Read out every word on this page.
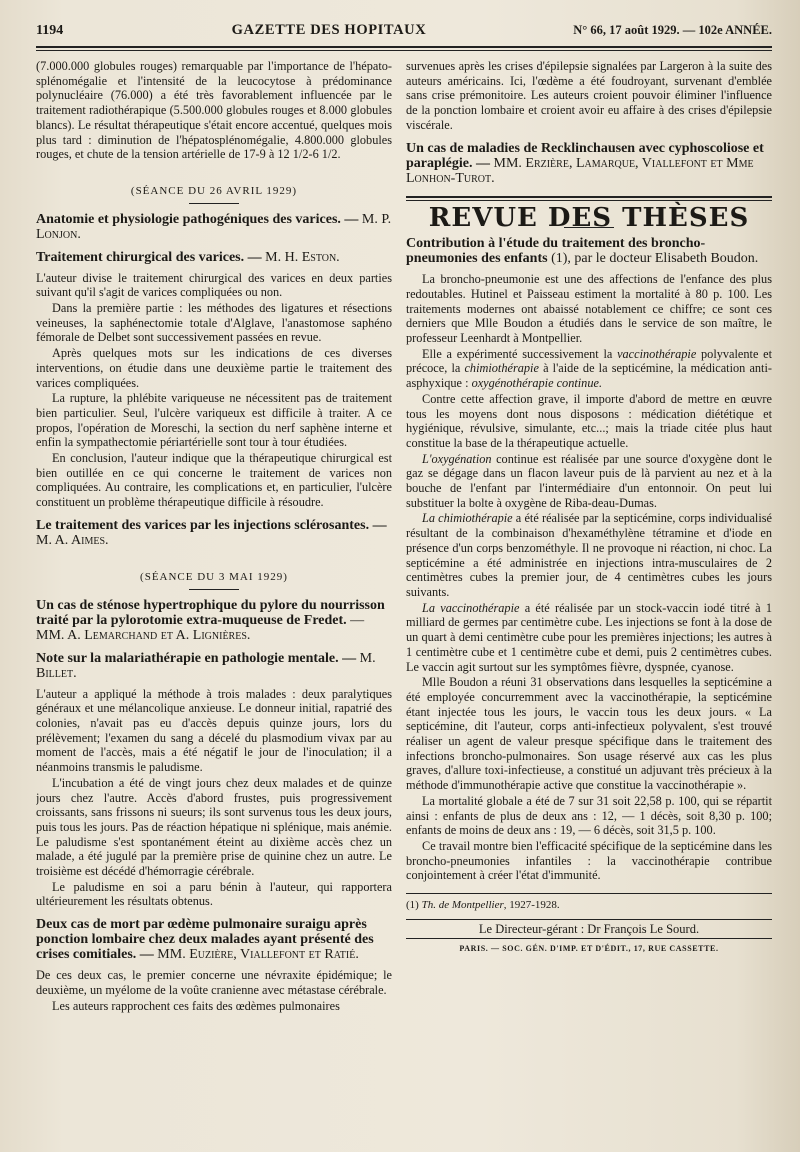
1194	GAZETTE DES HOPITAUX	N° 66, 17 août 1929. — 102e ANNÉE.

(7.000.000 globules rouges) remarquable par l'importance de l'hépato-splénomégalie et l'intensité de la leucocytose à prédominance polynucléaire (76.000) a été très favorablement influencée par le traitement radiothérapique (5.500.000 globules rouges et 8.000 globules blancs). Le résultat thérapeutique s'était encore accentué, quelques mois plus tard : diminution de l'hépatosplénomégalie, 4.800.000 globules rouges, et chute de la tension artérielle de 17-9 à 12 1/2-6 1/2.

(SÉANCE DU 26 AVRIL 1929)
Anatomie et physiologie pathogéniques des varices. — M. P. Lonjon.
Traitement chirurgical des varices. — M. H. Eston.

L'auteur divise le traitement chirurgical des varices en deux parties suivant qu'il s'agit de varices compliquées ou non.

Dans la première partie : les méthodes des ligatures et résections veineuses, la saphénectomie totale d'Alglave, l'anastomose saphéno fémorale de Delbet sont successivement passées en revue.

Après quelques mots sur les indications de ces diverses interventions, on étudie dans une deuxième partie le traitement des varices compliquées.

La rupture, la phlébite variqueuse ne nécessitent pas de traitement bien particulier. Seul, l'ulcère variqueux est difficile à traiter. A ce propos, l'opération de Moreschi, la section du nerf saphène interne et enfin la sympathectomie périartérielle sont tour à tour étudiées.

En conclusion, l'auteur indique que la thérapeutique chirurgical est bien outillée en ce qui concerne le traitement de varices non compliquées. Au contraire, les complications et, en particulier, l'ulcère constituent un problème thérapeutique difficile à résoudre.

Le traitement des varices par les injections sclérosantes. — M. A. Aimes.
(SÉANCE DU 3 MAI 1929)
Un cas de sténose hypertrophique du pylore du nourrisson traité par la pylorotomie extra-muqueuse de Fredet. — MM. A. Lemarchand et A. Lignières.
Note sur la malariathérapie en pathologie mentale. — M. Billet.

L'auteur a appliqué la méthode à trois malades : deux paralytiques généraux et une mélancolique anxieuse. Le donneur initial, rapatrié des colonies, n'avait pas eu d'accès depuis quinze jours, lors du prélèvement; l'examen du sang a décelé du plasmodium vivax par au moment de l'accès, mais a été négatif le jour de l'inoculation; il a néanmoins transmis le paludisme.

L'incubation a été de vingt jours chez deux malades et de quinze jours chez l'autre. Accès d'abord frustes, puis progressivement croissants, sans frissons ni sueurs; ils sont survenus tous les deux jours, puis tous les jours. Pas de réaction hépatique ni splénique, mais anémie. Le paludisme s'est spontanément éteint au dixième accès chez un malade, a été jugulé par la première prise de quinine chez un autre. Le troisième est décédé d'hémorragie cérébrale.

Le paludisme en soi a paru bénin à l'auteur, qui rapportera ultérieurement les résultats obtenus.

Deux cas de mort par œdème pulmonaire suraigu après ponction lombaire chez deux malades ayant présenté des crises comitiales. — MM. Euzière, Viallefont et Ratié.

De ces deux cas, le premier concerne une névraxite épidémique; le deuxième, un myélome de la voûte cranienne avec métastase cérébrale.

Les auteurs rapprochent ces faits des œdèmes pulmonaires

survenues après les crises d'épilepsie signalées par Largeron à la suite des auteurs américains. Ici, l'œdème a été foudroyant, survenant d'emblée sans crise prémonitoire. Les auteurs croient pouvoir éliminer l'influence de la ponction lombaire et croient avoir eu affaire à des crises d'épilepsie viscérale.

Un cas de maladies de Recklinchausen avec cyphoscoliose et paraplégie. — MM. Erzière, Lamarque, Viallefont et Mme Lonhon-Turot.
REVUE DES THÈSES
Contribution à l'étude du traitement des broncho-pneumonies des enfants (1), par le docteur Elisabeth Boudon.

La broncho-pneumonie est une des affections de l'enfance des plus redoutables. Hutinel et Paisseau estiment la mortalité à 80 p. 100. Les traitements modernes ont abaissé notablement ce chiffre; ce sont ces derniers que Mlle Boudon a étudiés dans le service de son maître, le professeur Leenhardt à Montpellier.

Elle a expérimenté successivement la vaccinothérapie polyvalente et précoce, la chimiothérapie à l'aide de la septicémine, la médication anti-asphyxique : oxygénothérapie continue.

Contre cette affection grave, il importe d'abord de mettre en œuvre tous les moyens dont nous disposons : médication diététique et hygiénique, révulsive, simulante, etc...; mais la triade citée plus haut constitue la base de la thérapeutique actuelle.

L'oxygénation continue est réalisée par une source d'oxygène dont le gaz se dégage dans un flacon laveur puis de là parvient au nez et à la bouche de l'enfant par l'intermédiaire d'un entonnoir. On peut lui substituer la bolte à oxygène de Riba-deau-Dumas.

La chimiothérapie a été réalisée par la septicémine, corps individualisé résultant de la combinaison d'hexaméthylène tétramine et d'iode en présence d'un corps benzométhyle. Il ne provoque ni réaction, ni choc. La septicémine a été administrée en injections intra-musculaires de 2 centimètres cubes la premier jour, de 4 centimètres cubes les jours suivants.

La vaccinothérapie a été réalisée par un stock-vaccin iodé titré à 1 milliard de germes par centimètre cube. Les injections se font à la dose de un quart à demi centimètre cube pour les premières injections; les autres à 1 centimètre cube et 1 centimètre cube et demi, puis 2 centimètres cubes. Le vaccin agit surtout sur les symptômes fièvre, dyspnée, cyanose.

Mlle Boudon a réuni 31 observations dans lesquelles la septicémine a été employée concurremment avec la vaccinothérapie, la septicémine étant injectée tous les jours, le vaccin tous les deux jours. « La septicémine, dit l'auteur, corps anti-infectieux polyvalent, s'est trouvé réaliser un agent de valeur presque spécifique dans le traitement des infections broncho-pulmonaires. Son usage réservé aux cas les plus graves, d'allure toxi-infectieuse, a constitué un adjuvant très précieux à la méthode d'immunothérapie active que constitue la vaccinothérapie ».

La mortalité globale a été de 7 sur 31 soit 22,58 p. 100, qui se répartit ainsi : enfants de plus de deux ans : 12, — 1 décès, soit 8,30 p. 100; enfants de moins de deux ans : 19, — 6 décès, soit 31,5 p. 100.

Ce travail montre bien l'efficacité spécifique de la septicémine dans les broncho-pneumonies infantiles : la vaccinothérapie contribue conjointement à créer l'état d'immunité.

(1) Th. de Montpellier, 1927-1928.
Le Directeur-gérant : Dr François Le Sourd.
PARIS. — SOC. GÉN. D'IMP. ET D'ÉDIT., 17, RUE CASSETTE.
